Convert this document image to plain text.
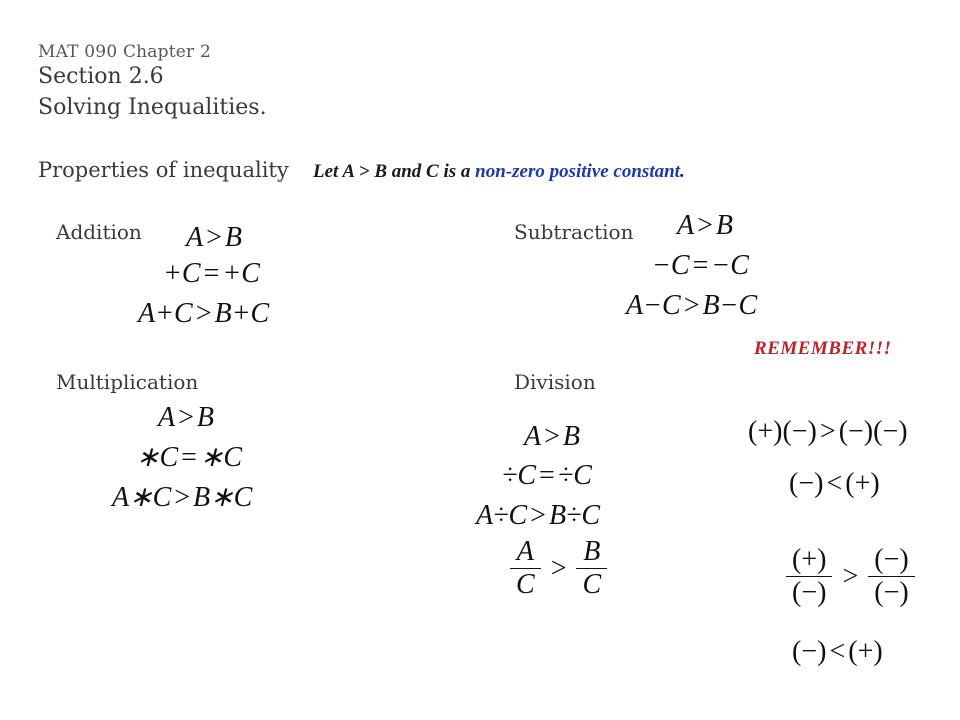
MAT 090 Chapter 2
Section 2.6
Solving Inequalities.
Properties of inequality Let A > B and C is a non-zero positive constant.
Addition A > B
+C = +C
A+C > B+C
Subtraction A > B
−C = −C
A−C > B−C
REMEMBER!!!
Multiplication
A > B
∗C = ∗C
A∗C > B∗C
Division
A > B
÷C = ÷C
A÷C > B÷C
$\frac{A}{C} > \frac{B}{C}$
(+)(−) > (−)(−)
(−) < (+)
$\frac{(+)}{(-)} > \frac{(-)}{(-)}$
(−) < (+)
